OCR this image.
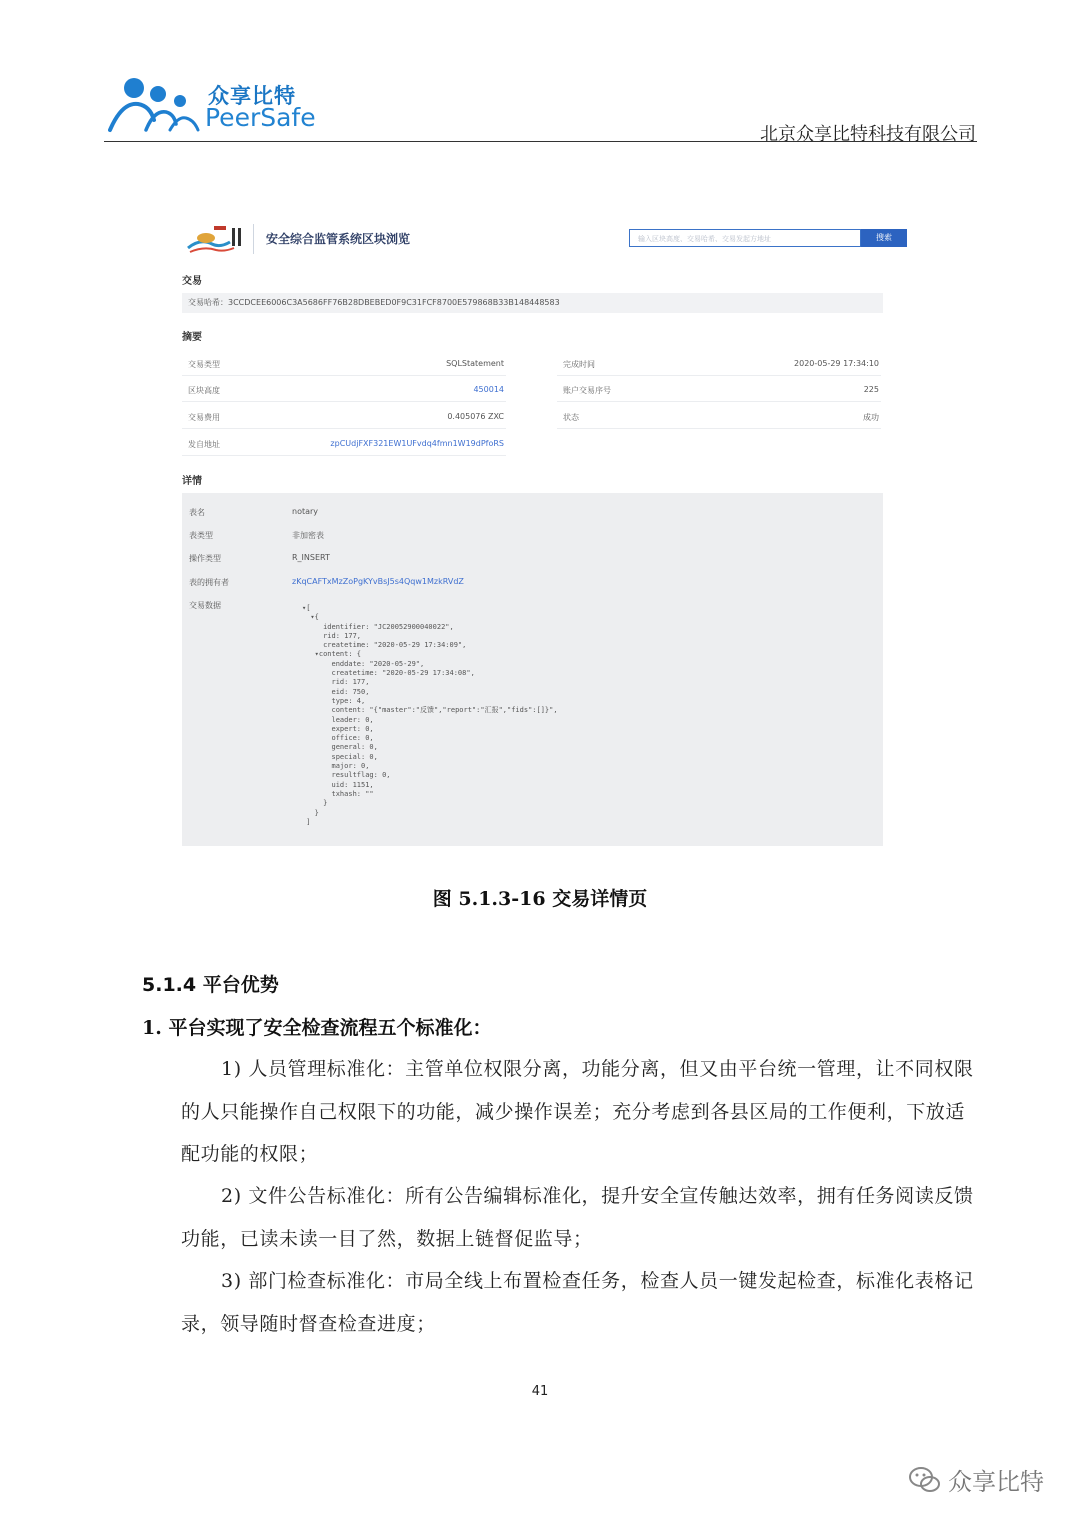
众享比特
PeerSafe
北京众享比特科技有限公司
安全综合监管系统区块浏览	输入区块高度、交易哈希、交易发起方地址	搜索
交易
交易哈希：3CCDCEE6006C3A5686FF76B28DBEBED0F9C31FCF8700E579868B33B148448583
摘要
交易类型	SQLStatement
区块高度	450014
交易费用	0.405076 ZXC
发自地址	zpCUdjFXF321EW1UFvdq4fmn1W19dPfoRS
完成时间	2020-05-29 17:34:10
账户交易序号	225
状态	成功
详情
表名	notary
表类型	非加密表
操作类型	R_INSERT
表的拥有者	zKqCAFTxMzZoPgKYvBsJ5s4Qqw1MzkRVdZ
交易数据	▾[
▾{
identifier: "JC20052900040022",
rid: 177,
createtime: "2020-05-29 17:34:09",
▾content: {
enddate: "2020-05-29",
createtime: "2020-05-29 17:34:08",
rid: 177,
eid: 750,
type: 4,
content: "{"master":"反馈","report":"汇报","fids":[]}",
leader: 0,
expert: 0,
office: 0,
general: 0,
special: 0,
major: 0,
resultflag: 0,
uid: 1151,
txhash: ""
}
}
]
图 5.1.3-16 交易详情页
5.1.4 平台优势
1. 平台实现了安全检查流程五个标准化：

1) 人员管理标准化：主管单位权限分离，功能分离，但又由平台统一管理，让不同权限的人只能操作自己权限下的功能，减少操作误差；充分考虑到各县区局的工作便利，下放适配功能的权限；

2) 文件公告标准化：所有公告编辑标准化，提升安全宣传触达效率，拥有任务阅读反馈功能，已读未读一目了然，数据上链督促监导；

3) 部门检查标准化：市局全线上布置检查任务，检查人员一键发起检查，标准化表格记录，领导随时督查检查进度；

41
众享比特
